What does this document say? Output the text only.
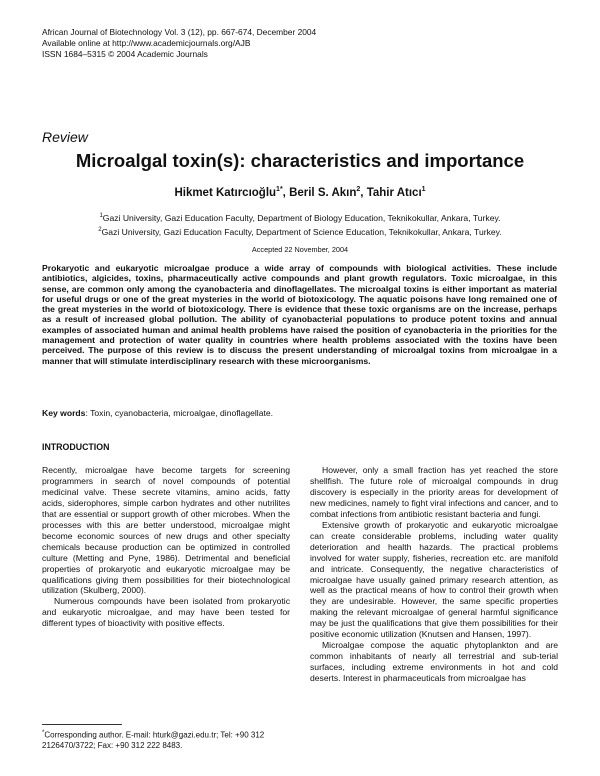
African Journal of Biotechnology Vol. 3 (12), pp. 667-674, December 2004
Available online at http://www.academicjournals.org/AJB
ISSN 1684–5315 © 2004 Academic Journals
Review
Microalgal toxin(s): characteristics and importance
Hikmet Katırcıoğlu$^{1*}$, Beril S. Akın$^2$, Tahir Atıcı$^1$
$^1$Gazi University, Gazi Education Faculty, Department of Biology Education, Teknikokullar, Ankara, Turkey.
$^2$Gazi University, Gazi Education Faculty, Department of Science Education, Teknikokullar, Ankara, Turkey.
Accepted 22 November, 2004
Prokaryotic and eukaryotic microalgae produce a wide array of compounds with biological activities. These include antibiotics, algicides, toxins, pharmaceutically active compounds and plant growth regulators. Toxic microalgae, in this sense, are common only among the cyanobacteria and dinoflagellates. The microalgal toxins is either important as material for useful drugs or one of the great mysteries in the world of biotoxicology. The aquatic poisons have long remained one of the great mysteries in the world of biotoxicology. There is evidence that these toxic organisms are on the increase, perhaps as a result of increased global pollution. The ability of cyanobacterial populations to produce potent toxins and annual examples of associated human and animal health problems have raised the position of cyanobacteria in the priorities for the management and protection of water quality in countries where health problems associated with the toxins have been perceived. The purpose of this review is to discuss the present understanding of microalgal toxins from microalgae in a manner that will stimulate interdisciplinary research with these microorganisms.
Key words: Toxin, cyanobacteria, microalgae, dinoflagellate.
INTRODUCTION

Recently, microalgae have become targets for screening programmers in search of novel compounds of potential medicinal valve. These secrete vitamins, amino acids, fatty acids, siderophores, simple carbon hydrates and other nutrilites that are essential or support growth of other microbes. When the processes with this are better understood, microalgae might become economic sources of new drugs and other specialty chemicals because production can be optimized in controlled culture (Metting and Pyne, 1986). Detrimental and beneficial properties of prokaryotic and eukaryotic microalgae may be qualifications giving them possibilities for their biotechnological utilization (Skulberg, 2000).

Numerous compounds have been isolated from prokaryotic and eukaryotic microalgae, and may have been tested for different types of bioactivity with positive effects.

However, only a small fraction has yet reached the store shellfish. The future role of microalgal compounds in drug discovery is especially in the priority areas for development of new medicines, namely to fight viral infections and cancer, and to combat infections from antibiotic resistant bacteria and fungi.

Extensive growth of prokaryotic and eukaryotic microalgae can create considerable problems, including water quality deterioration and health hazards. The practical problems involved for water supply, fisheries, recreation etc. are manifold and intricate. Consequently, the negative characteristics of microalgae have usually gained primary research attention, as well as the practical means of how to control their growth when they are undesirable. However, the same specific properties making the relevant microalgae of general harmful significance may be just the qualifications that give them possibilities for their positive economic utilization (Knutsen and Hansen, 1997).

Microalgae compose the aquatic phytoplankton and are common inhabitants of nearly all terrestrial and sub-terial surfaces, including extreme environments in hot and cold deserts. Interest in pharmaceuticals from microalgae has

*Corresponding author. E-mail: hturk@gazi.edu.tr; Tel: +90 312 2126470/3722; Fax: +90 312 222 8483.
